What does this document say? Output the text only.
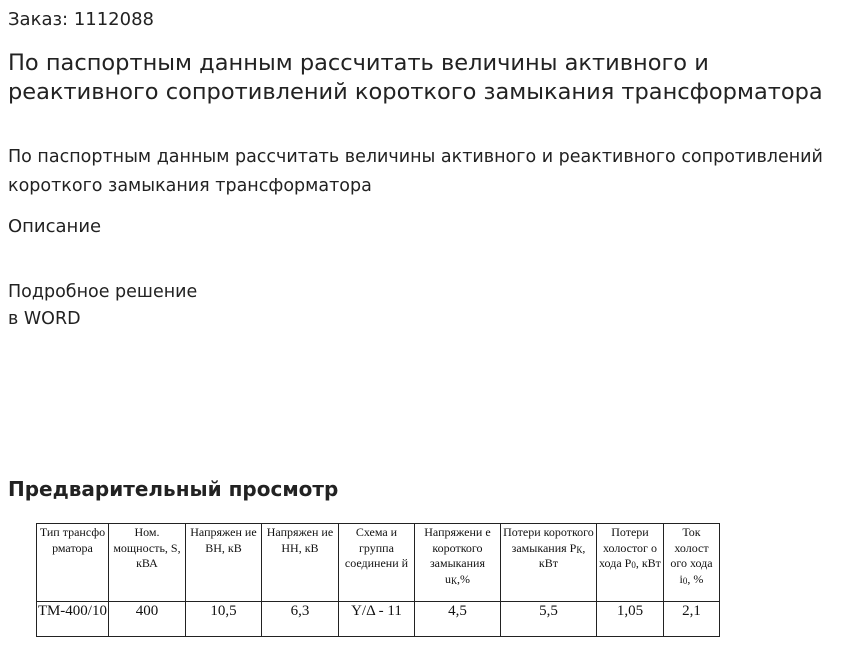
Заказ: 1112088
По паспортным данным рассчитать величины активного и реактивного сопротивлений короткого замыкания трансформатора

По паспортным данным рассчитать величины активного и реактивного сопротивлений короткого замыкания трансформатора

Описание

Подробное решение
в WORD

Предварительный просмотр
Тип трансфо рматора	Ном. мощность, S, кВА	Напряжен ие ВН, кВ	Напряжен ие НН, кВ	Схема и группа соединени й	Напряжени е короткого замыкания $u_К,\%$	Потери короткого замыкания $Р_К$, кВт	Потери холостог о хода $Р_0$, кВт	Ток холост ого хода $i_0$, %
ТМ-400/10	400	10,5	6,3	Y/Δ - 11	4,5	5,5	1,05	2,1
